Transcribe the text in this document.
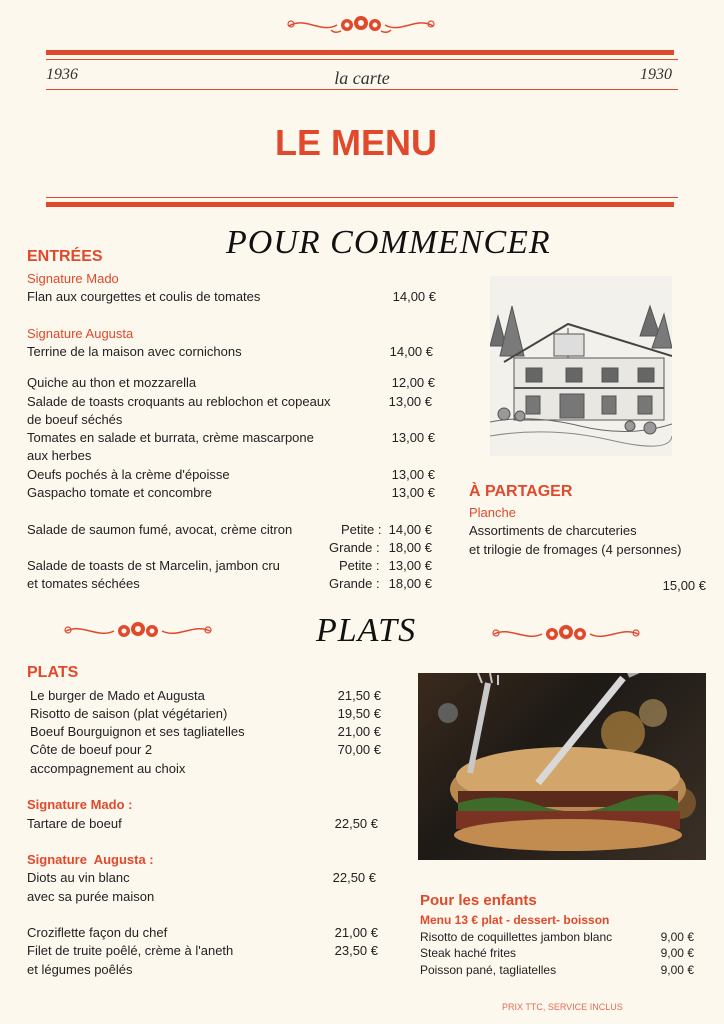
1936	la carte	1930
LE MENU
POUR COMMENCER
ENTRÉES
Signature Mado
Flan aux courgettes et coulis de tomates	14,00 €
Signature Augusta
Terrine de la maison avec cornichons	14,00 €
Quiche au thon et mozzarella	12,00 €
Salade de toasts croquants au reblochon et copeaux
de boeuf séchés
13,00 €
Tomates en salade et burrata, crème mascarpone
aux herbes
13,00 €
Oeufs pochés à la crème d'époisse	13,00 €
Gaspacho tomate et concombre	13,00 €
Salade de saumon fumé, avocat, crème citron	Petite : 14,00 €
Grande : 18,00 €
Salade de toasts de st Marcelin, jambon cru
et tomates séchées
Petite : 13,00 €
Grande : 18,00 €
À PARTAGER
Planche
Assortiments de charcuteries
et trilogie de fromages (4 personnes)
15,00 €
PLATS
PLATS
Le burger de Mado et Augusta	21,50 €
Risotto de saison (plat végétarien)	19,50 €
Boeuf Bourguignon et ses tagliatelles	21,00 €
Côte de boeuf pour 2	70,00 €
accompagnement au choix
Signature Mado :
Tartare de boeuf	22,50 €
Signature  Augusta :
Diots au vin blanc
avec sa purée maison
22,50 €
Croziflette façon du chef	21,00 €
Filet de truite poêlé, crème à l'aneth	23,50 €
et légumes poêlés
Pour les enfants
Menu 13 € plat - dessert- boisson
Risotto de coquillettes jambon blanc	9,00 €
Steak haché frites	9,00 €
Poisson pané, tagliatelles	9,00 €
PRIX TTC, SERVICE INCLUS
